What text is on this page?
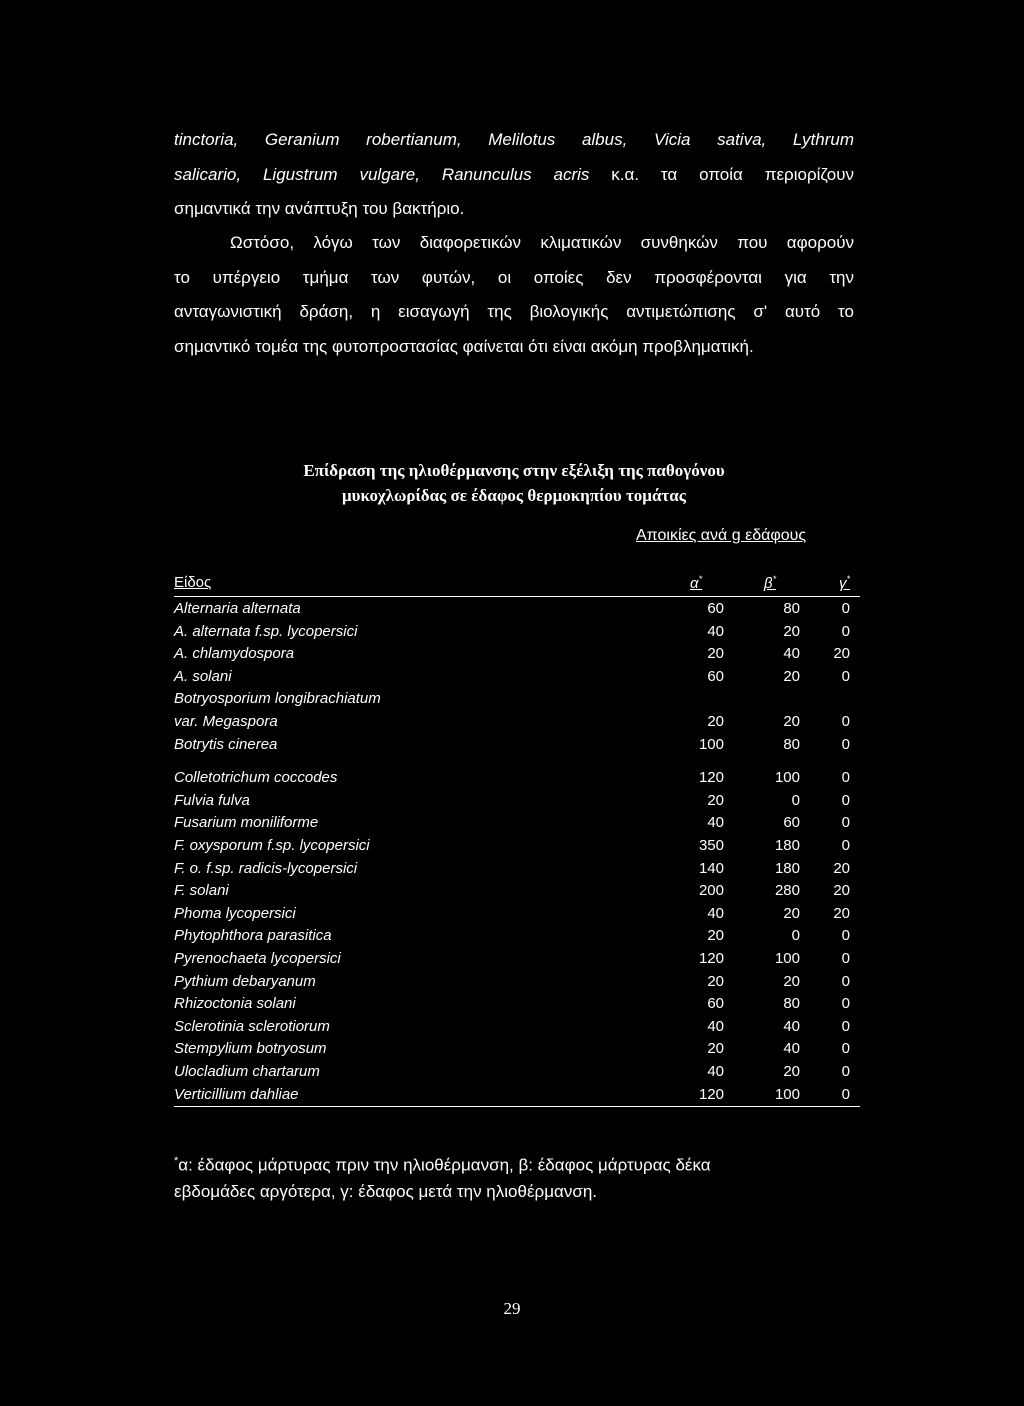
tinctoria, Geranium robertianum, Melilotus albus, Vicia sativa, Lythrum
salicario, Ligustrum vulgare, Ranunculus acris κ.α. τα οποία περιορίζουν
σημαντικά την ανάπτυξη του βακτήριο.
Ωστόσο, λόγω των διαφορετικών κλιματικών συνθηκών που αφορούν
το υπέργειο τμήμα των φυτών, οι οποίες δεν προσφέρονται για την
ανταγωνιστική δράση, η εισαγωγή της βιολογικής αντιμετώπισης σ' αυτό το
σημαντικό τομέα της φυτοπροστασίας φαίνεται ότι είναι ακόμη προβληματική.
Επίδραση της ηλιοθέρμανσης στην εξέλιξη της παθογόνου
μυκοχλωρίδας σε έδαφος θερμοκηπίου τομάτας
Αποικίες ανά g εδάφους
Είδος	α*	β*	γ*
Alternaria alternata	60	80	0
A. alternata f.sp. lycopersici	40	20	0
A. chlamydospora	20	40	20
A. solani	60	20	0
Botryosporium longibrachiatum
var. Megaspora	20	20	0
Botrytis cinerea	100	80	0
Colletotrichum coccodes	120	100	0
Fulvia fulva	20	0	0
Fusarium moniliforme	40	60	0
F. oxysporum f.sp. lycopersici	350	180	0
F. o. f.sp. radicis-lycopersici	140	180	20
F. solani	200	280	20
Phoma lycopersici	40	20	20
Phytophthora parasitica	20	0	0
Pyrenochaeta lycopersici	120	100	0
Pythium debaryanum	20	20	0
Rhizoctonia solani	60	80	0
Sclerotinia sclerotiorum	40	40	0
Stempylium botryosum	20	40	0
Ulocladium chartarum	40	20	0
Verticillium dahliae	120	100	0
*α: έδαφος μάρτυρας πριν την ηλιοθέρμανση, β: έδαφος μάρτυρας δέκα
εβδομάδες αργότερα, γ: έδαφος μετά την ηλιοθέρμανση.
29
